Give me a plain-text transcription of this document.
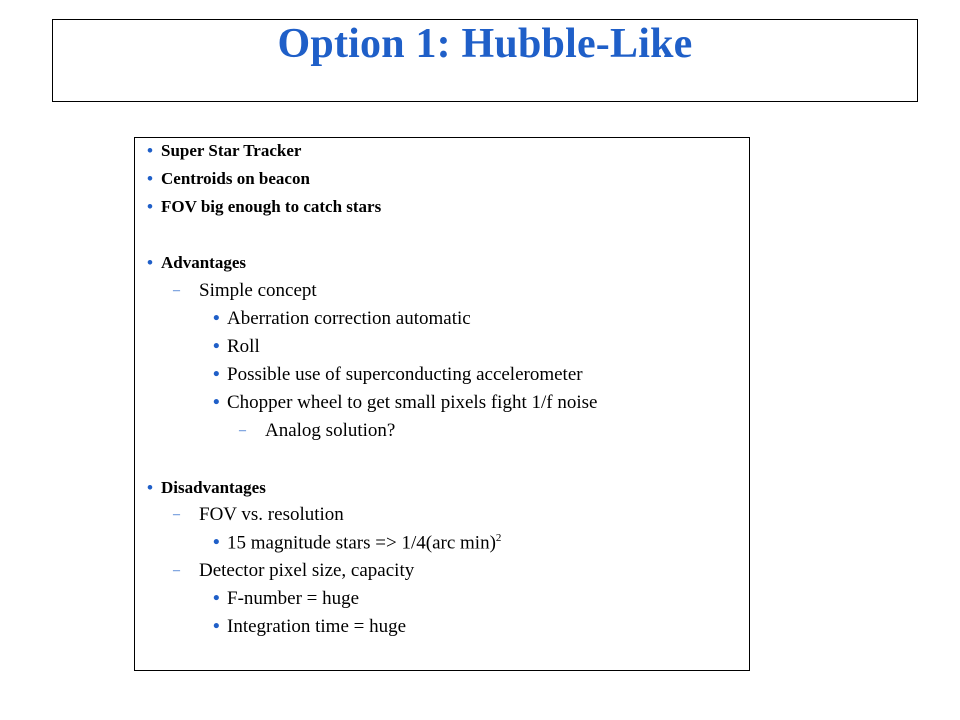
Option 1: Hubble-Like
• Super Star Tracker
• Centroids on beacon
• FOV big enough to catch stars
• Advantages
– Simple concept
• Aberration correction automatic
• Roll
• Possible use of superconducting accelerometer
• Chopper wheel to get small pixels fight 1/f noise
– Analog solution?
• Disadvantages
– FOV vs. resolution
• 15 magnitude stars => 1/4(arc min)$^2$
– Detector pixel size, capacity
• F-number = huge
• Integration time = huge
